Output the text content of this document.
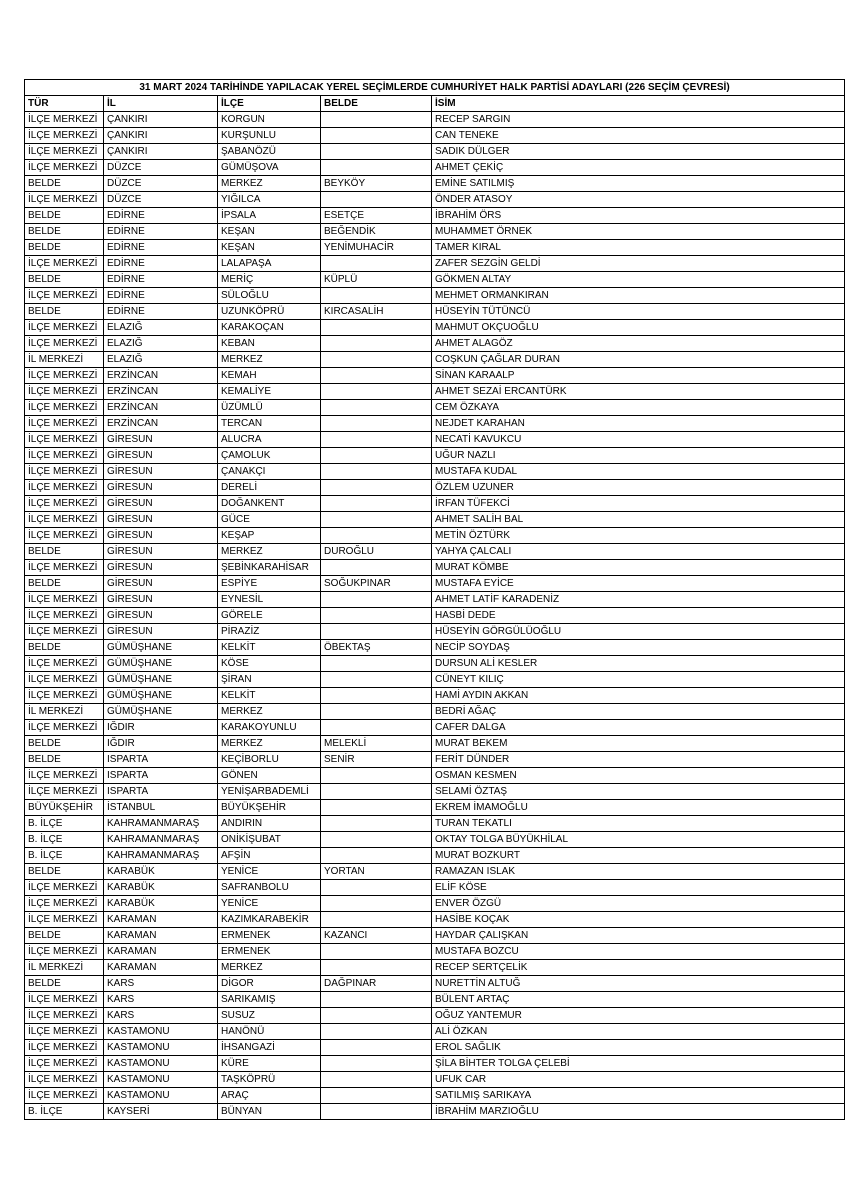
31 MART 2024 TARİHİNDE YAPILACAK YEREL SEÇİMLERDE CUMHURİYET HALK PARTİSİ ADAYLARI (226 SEÇİM ÇEVRESİ)				
TÜR	İL	İLÇE	BELDE	İSİM
İLÇE MERKEZİ	ÇANKIRI	KORGUN		RECEP SARGIN
İLÇE MERKEZİ	ÇANKIRI	KURŞUNLU		CAN TENEKE
İLÇE MERKEZİ	ÇANKIRI	ŞABANÖZÜ		SADIK DÜLGER
İLÇE MERKEZİ	DÜZCE	GÜMÜŞOVA		AHMET ÇEKİÇ
BELDE	DÜZCE	MERKEZ	BEYKÖY	EMİNE SATILMIŞ
İLÇE MERKEZİ	DÜZCE	YIĞILCA		ÖNDER ATASOY
BELDE	EDİRNE	İPSALA	ESETÇE	İBRAHİM ÖRS
BELDE	EDİRNE	KEŞAN	BEĞENDİK	MUHAMMET ÖRNEK
BELDE	EDİRNE	KEŞAN	YENİMUHACİR	TAMER KIRAL
İLÇE MERKEZİ	EDİRNE	LALAPAŞA		ZAFER SEZGİN GELDİ
BELDE	EDİRNE	MERİÇ	KÜPLÜ	GÖKMEN ALTAY
İLÇE MERKEZİ	EDİRNE	SÜLOĞLU		MEHMET ORMANKIRAN
BELDE	EDİRNE	UZUNKÖPRÜ	KIRCASALİH	HÜSEYİN TÜTÜNCÜ
İLÇE MERKEZİ	ELAZIĞ	KARAKOÇAN		MAHMUT OKÇUOĞLU
İLÇE MERKEZİ	ELAZIĞ	KEBAN		AHMET ALAGÖZ
İL MERKEZİ	ELAZIĞ	MERKEZ		COŞKUN ÇAĞLAR DURAN
İLÇE MERKEZİ	ERZİNCAN	KEMAH		SİNAN KARAALP
İLÇE MERKEZİ	ERZİNCAN	KEMALİYE		AHMET SEZAİ ERCANTÜRK
İLÇE MERKEZİ	ERZİNCAN	ÜZÜMLÜ		CEM ÖZKAYA
İLÇE MERKEZİ	ERZİNCAN	TERCAN		NEJDET KARAHAN
İLÇE MERKEZİ	GİRESUN	ALUCRA		NECATİ KAVUKCU
İLÇE MERKEZİ	GİRESUN	ÇAMOLUK		UĞUR NAZLI
İLÇE MERKEZİ	GİRESUN	ÇANAKÇI		MUSTAFA KUDAL
İLÇE MERKEZİ	GİRESUN	DERELİ		ÖZLEM UZUNER
İLÇE MERKEZİ	GİRESUN	DOĞANKENT		İRFAN TÜFEKCİ
İLÇE MERKEZİ	GİRESUN	GÜCE		AHMET SALİH BAL
İLÇE MERKEZİ	GİRESUN	KEŞAP		METİN ÖZTÜRK
BELDE	GİRESUN	MERKEZ	DUROĞLU	YAHYA ÇALCALI
İLÇE MERKEZİ	GİRESUN	ŞEBİNKARAHİSAR		MURAT KÖMBE
BELDE	GİRESUN	ESPİYE	SOĞUKPINAR	MUSTAFA EYİCE
İLÇE MERKEZİ	GİRESUN	EYNESİL		AHMET LATİF KARADENİZ
İLÇE MERKEZİ	GİRESUN	GÖRELE		HASBİ DEDE
İLÇE MERKEZİ	GİRESUN	PİRAZİZ		HÜSEYİN GÖRGÜLÜOĞLU
BELDE	GÜMÜŞHANE	KELKİT	ÖBEKTAŞ	NECİP SOYDAŞ
İLÇE MERKEZİ	GÜMÜŞHANE	KÖSE		DURSUN ALİ KESLER
İLÇE MERKEZİ	GÜMÜŞHANE	ŞİRAN		CÜNEYT KILIÇ
İLÇE MERKEZİ	GÜMÜŞHANE	KELKİT		HAMİ AYDIN AKKAN
İL MERKEZİ	GÜMÜŞHANE	MERKEZ		BEDRİ AĞAÇ
İLÇE MERKEZİ	IĞDIR	KARAKOYUNLU		CAFER DALGA
BELDE	IĞDIR	MERKEZ	MELEKLİ	MURAT BEKEM
BELDE	ISPARTA	KEÇİBORLU	SENİR	FERİT DÜNDER
İLÇE MERKEZİ	ISPARTA	GÖNEN		OSMAN KESMEN
İLÇE MERKEZİ	ISPARTA	YENİŞARBADEMLİ		SELAMİ ÖZTAŞ
BÜYÜKŞEHİR	İSTANBUL	BÜYÜKŞEHİR		EKREM İMAMOĞLU
B. İLÇE	KAHRAMANMARAŞ	ANDIRIN		TURAN TEKATLI
B. İLÇE	KAHRAMANMARAŞ	ONİKİŞUBAT		OKTAY TOLGA BÜYÜKHİLAL
B. İLÇE	KAHRAMANMARAŞ	AFŞİN		MURAT BOZKURT
BELDE	KARABÜK	YENİCE	YORTAN	RAMAZAN ISLAK
İLÇE MERKEZİ	KARABÜK	SAFRANBOLU		ELİF KÖSE
İLÇE MERKEZİ	KARABÜK	YENİCE		ENVER ÖZGÜ
İLÇE MERKEZİ	KARAMAN	KAZIMKARABEKİR		HASİBE KOÇAK
BELDE	KARAMAN	ERMENEK	KAZANCI	HAYDAR ÇALIŞKAN
İLÇE MERKEZİ	KARAMAN	ERMENEK		MUSTAFA BOZCU
İL MERKEZİ	KARAMAN	MERKEZ		RECEP SERTÇELİK
BELDE	KARS	DİGOR	DAĞPINAR	NURETTİN ALTUĞ
İLÇE MERKEZİ	KARS	SARIKAMIŞ		BÜLENT ARTAÇ
İLÇE MERKEZİ	KARS	SUSUZ		OĞUZ YANTEMUR
İLÇE MERKEZİ	KASTAMONU	HANÖNÜ		ALİ ÖZKAN
İLÇE MERKEZİ	KASTAMONU	İHSANGAZİ		EROL SAĞLIK
İLÇE MERKEZİ	KASTAMONU	KÜRE		ŞİLA BİHTER TOLGA ÇELEBİ
İLÇE MERKEZİ	KASTAMONU	TAŞKÖPRÜ		UFUK CAR
İLÇE MERKEZİ	KASTAMONU	ARAÇ		SATILMIŞ SARIKAYA
B. İLÇE	KAYSERİ	BÜNYAN		İBRAHİM MARZIOĞLU
